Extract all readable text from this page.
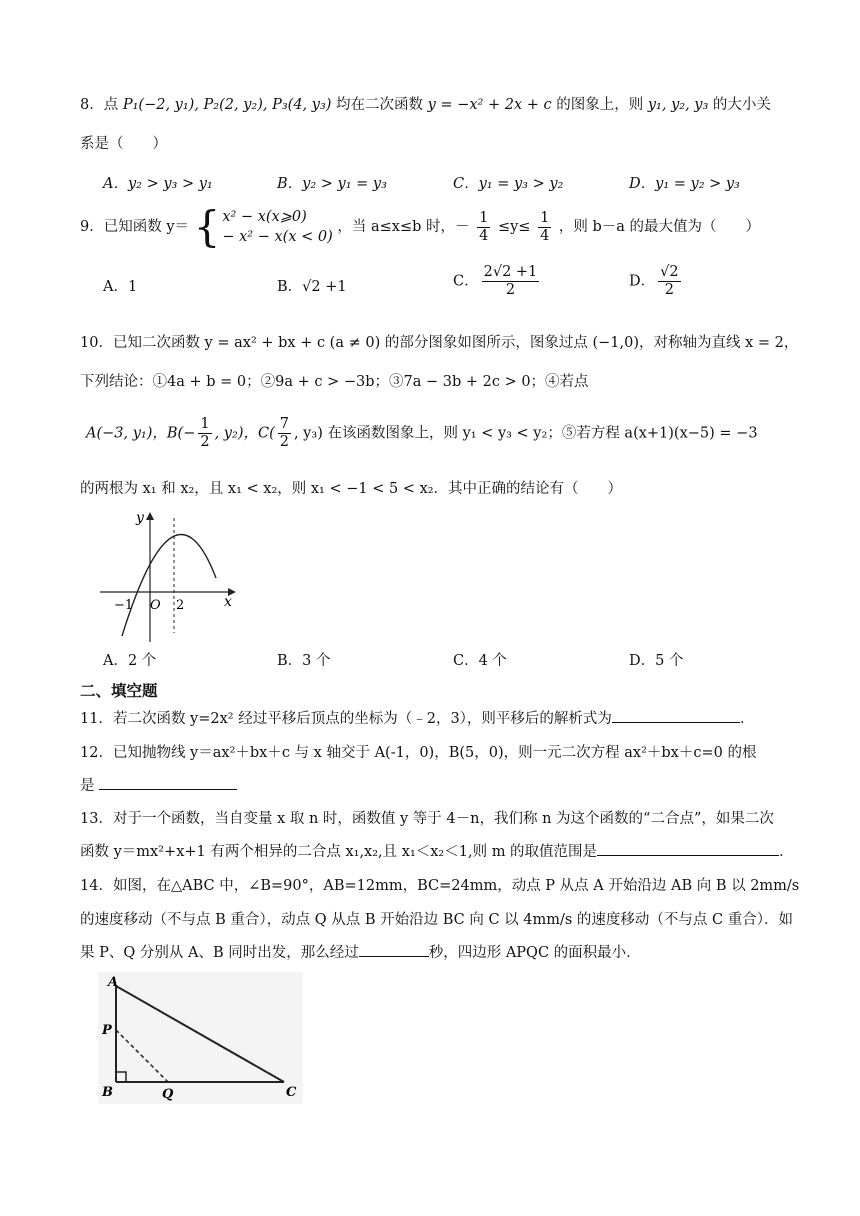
8．点 P₁(−2, y₁), P₂(2, y₂), P₃(4, y₃) 均在二次函数 y = −x² + 2x + c 的图象上，则 y₁, y₂, y₃ 的大小关
系是（　　）
A．y₂ > y₃ > y₁	B．y₂ > y₁ = y₃	C．y₁ = y₃ > y₂	D．y₁ = y₂ > y₃
9．已知函数 y＝ { x² − x(x⩾0)
− x² − x(x < 0)
，当 a≤x≤b 时，－ $\frac{1}{4} \le y\le \frac{1}{4}$ ，则 b－a 的最大值为（　　）
A．1	B．√2 +1	C． $\frac{2√2 +1}{2}$	D． $\frac{√2}{2}$
10．已知二次函数 y = ax² + bx + c (a ≠ 0) 的部分图象如图所示，图象过点 (−1,0)，对称轴为直线 x = 2，
下列结论：①4a + b = 0；②9a + c > −3b；③7a − 3b + 2c > 0；④若点
A(−3, y₁)，$B(- \frac{1}{2}$ , y₂)，$C( \frac{7}{2}$ , y₃) 在该函数图象上，则 y₁ < y₃ < y₂；⑤若方程 a(x+1)(x−5) = −3
的两根为 x₁ 和 x₂，且 x₁ < x₂，则 x₁ < −1 < 5 < x₂．其中正确的结论有（　　）
y
x
O
−1	2
A．2 个	B．3 个	C．4 个	D．5 个
二、填空题
11．若二次函数 y=2x² 经过平移后顶点的坐标为（﹣2，3），则平移后的解析式为	．
12．已知抛物线 y＝ax²＋bx＋c 与 x 轴交于 A(-1，0)，B(5，0)，则一元二次方程 ax²＋bx＋c=0 的根
是
13．对于一个函数，当自变量 x 取 n 时，函数值 y 等于 4－n，我们称 n 为这个函数的“二合点”，如果二次
函数 y＝mx²+x+1 有两个相异的二合点 x₁,x₂,且 x₁＜x₂＜1,则 m 的取值范围是	．
14．如图，在△ABC 中，∠B=90°，AB=12mm，BC=24mm，动点 P 从点 A 开始沿边 AB 向 B 以 2mm/s
的速度移动（不与点 B 重合），动点 Q 从点 B 开始沿边 BC 向 C 以 4mm/s 的速度移动（不与点 C 重合）．如
果 P、Q 分别从 A、B 同时出发，那么经过	秒，四边形 APQC 的面积最小．
A
P
B	Q	C
